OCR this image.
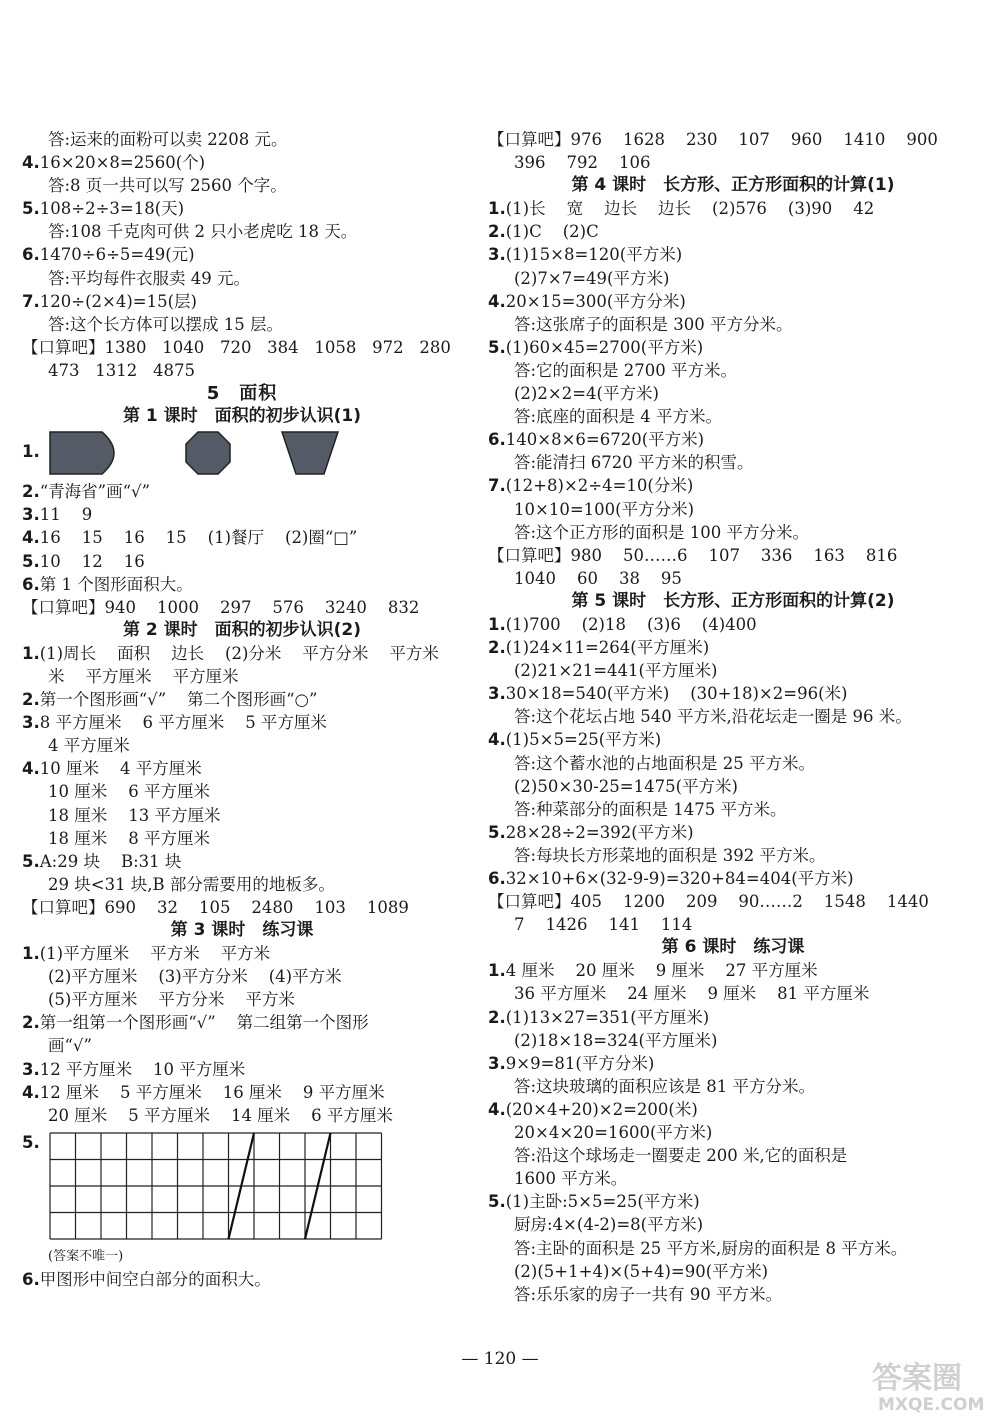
答:运来的面粉可以卖 2208 元。
4.16×20×8=2560(个)
答:8 页一共可以写 2560 个字。
5.108÷2÷3=18(天)
答:108 千克肉可供 2 只小老虎吃 18 天。
6.1470÷6÷5=49(元)
答:平均每件衣服卖 49 元。
7.120÷(2×4)=15(层)
答:这个长方体可以摆成 15 层。
【口算吧】1380   1040   720   384   1058   972   280
473   1312   4875
5　面积
第 1 课时　面积的初步认识(1)
1.
2.“青海省”画“√”
3.11    9
4.16    15    16    15    (1)餐厅    (2)圈“□”
5.10    12    16
6.第 1 个图形面积大。
【口算吧】940    1000    297    576    3240    832
第 2 课时　面积的初步认识(2)
1.(1)周长    面积    边长    (2)分米    平方分米    平方米
米    平方厘米    平方厘米
2.第一个图形画“√”    第二个图形画“○”
3.8 平方厘米    6 平方厘米    5 平方厘米
4 平方厘米
4.10 厘米    4 平方厘米
10 厘米    6 平方厘米
18 厘米    13 平方厘米
18 厘米    8 平方厘米
5.A:29 块    B:31 块
29 块<31 块,B 部分需要用的地板多。
【口算吧】690    32    105    2480    103    1089
第 3 课时　练习课
1.(1)平方厘米    平方米    平方米
(2)平方厘米    (3)平方分米    (4)平方米
(5)平方厘米    平方分米    平方米
2.第一组第一个图形画“√”    第二组第一个图形
画“√”
3.12 平方厘米    10 平方厘米
4.12 厘米    5 平方厘米    16 厘米    9 平方厘米
20 厘米    5 平方厘米    14 厘米    6 平方厘米
5.
(答案不唯一)
6.甲图形中间空白部分的面积大。
【口算吧】976    1628    230    107    960    1410    900
396    792    106
第 4 课时　长方形、正方形面积的计算(1)
1.(1)长    宽    边长    边长    (2)576    (3)90    42
2.(1)C    (2)C
3.(1)15×8=120(平方米)
(2)7×7=49(平方米)
4.20×15=300(平方分米)
答:这张席子的面积是 300 平方分米。
5.(1)60×45=2700(平方米)
答:它的面积是 2700 平方米。
(2)2×2=4(平方米)
答:底座的面积是 4 平方米。
6.140×8×6=6720(平方米)
答:能清扫 6720 平方米的积雪。
7.(12+8)×2÷4=10(分米)
10×10=100(平方分米)
答:这个正方形的面积是 100 平方分米。
【口算吧】980    50……6    107    336    163    816
1040    60    38    95
第 5 课时　长方形、正方形面积的计算(2)
1.(1)700    (2)18    (3)6    (4)400
2.(1)24×11=264(平方厘米)
(2)21×21=441(平方厘米)
3.30×18=540(平方米)    (30+18)×2=96(米)
答:这个花坛占地 540 平方米,沿花坛走一圈是 96 米。
4.(1)5×5=25(平方米)
答:这个蓄水池的占地面积是 25 平方米。
(2)50×30-25=1475(平方米)
答:种菜部分的面积是 1475 平方米。
5.28×28÷2=392(平方米)
答:每块长方形菜地的面积是 392 平方米。
6.32×10+6×(32-9-9)=320+84=404(平方米)
【口算吧】405    1200    209    90……2    1548    1440
7    1426    141    114
第 6 课时　练习课
1.4 厘米    20 厘米    9 厘米    27 平方厘米
36 平方厘米    24 厘米    9 厘米    81 平方厘米
2.(1)13×27=351(平方厘米)
(2)18×18=324(平方厘米)
3.9×9=81(平方分米)
答:这块玻璃的面积应该是 81 平方分米。
4.(20×4+20)×2=200(米)
20×4×20=1600(平方米)
答:沿这个球场走一圈要走 200 米,它的面积是
1600 平方米。
5.(1)主卧:5×5=25(平方米)
厨房:4×(4-2)=8(平方米)
答:主卧的面积是 25 平方米,厨房的面积是 8 平方米。
(2)(5+1+4)×(5+4)=90(平方米)
答:乐乐家的房子一共有 90 平方米。
— 120 —
答案圈
MXQE.COM
